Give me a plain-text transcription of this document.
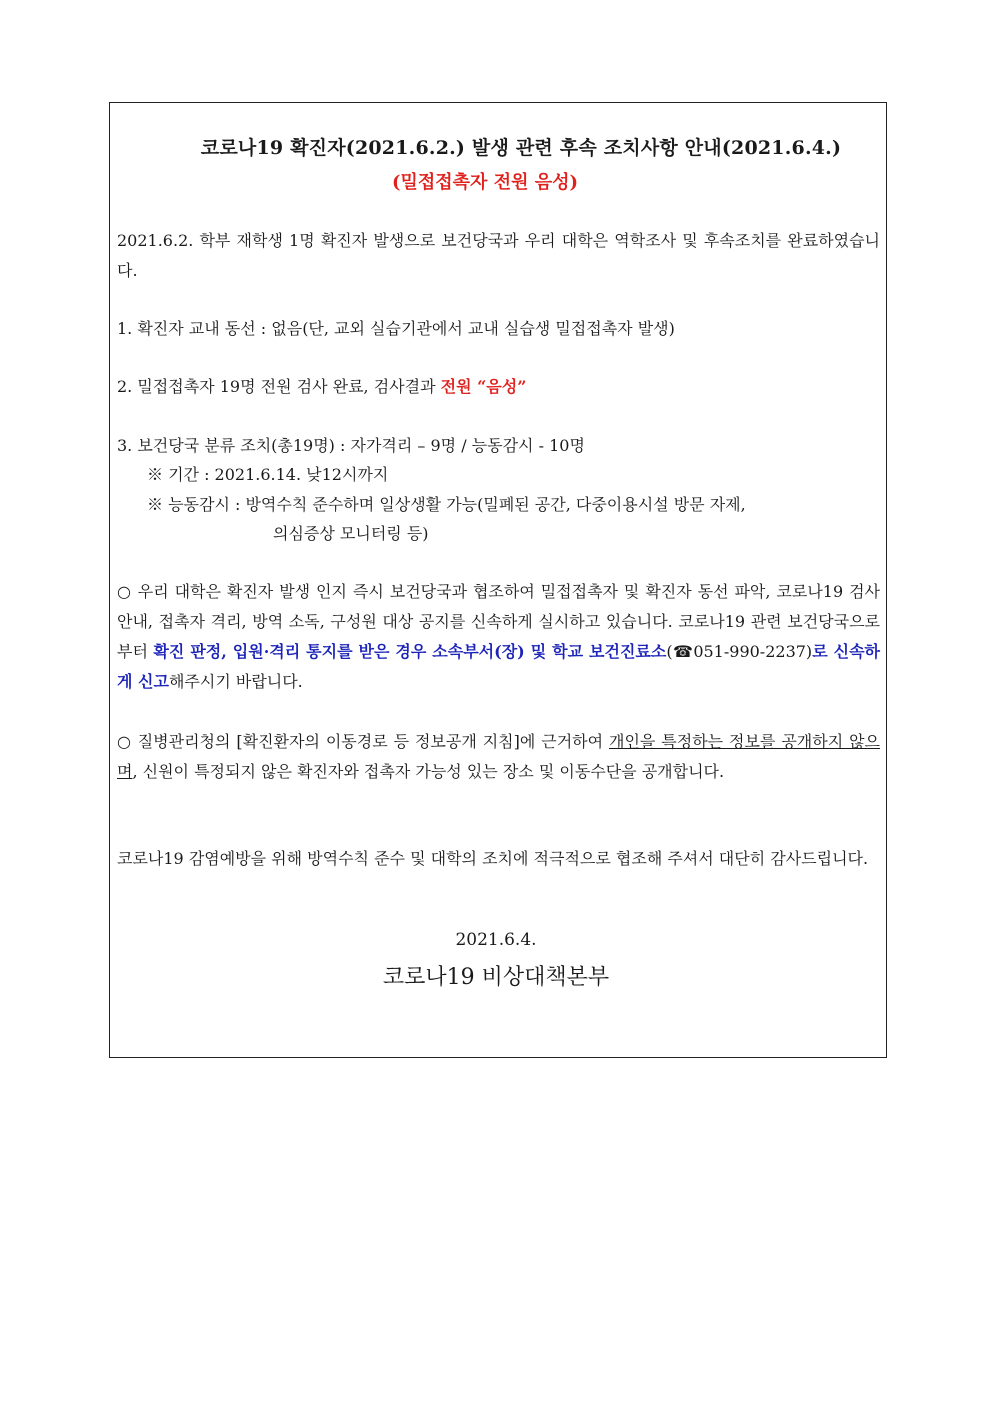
코로나19 확진자(2021.6.2.) 발생 관련 후속 조치사항 안내(2021.6.4.)
(밀접접촉자 전원 음성)
2021.6.2. 학부 재학생 1명 확진자 발생으로 보건당국과 우리 대학은 역학조사 및 후속조치를 완료하였습니다.
1. 확진자 교내 동선 : 없음(단, 교외 실습기관에서 교내 실습생 밀접접촉자 발생)
2. 밀접접촉자 19명 전원 검사 완료, 검사결과 전원 “음성”
3. 보건당국 분류 조치(총19명) : 자가격리 – 9명 / 능동감시 - 10명
※ 기간 : 2021.6.14. 낮12시까지
※ 능동감시 : 방역수칙 준수하며 일상생활 가능(밀폐된 공간, 다중이용시설 방문 자제,
의심증상 모니터링 등)
○ 우리 대학은 확진자 발생 인지 즉시 보건당국과 협조하여 밀접접촉자 및 확진자 동선 파악, 코로나19 검사 안내, 접촉자 격리, 방역 소독, 구성원 대상 공지를 신속하게 실시하고 있습니다. 코로나19 관련 보건당국으로부터 확진 판정, 입원·격리 통지를 받은 경우 소속부서(장) 및 학교 보건진료소(☎051-990-2237)로 신속하게 신고해주시기 바랍니다.
○ 질병관리청의 [확진환자의 이동경로 등 정보공개 지침]에 근거하여 개인을 특정하는 정보를 공개하지 않으며, 신원이 특정되지 않은 확진자와 접촉자 가능성 있는 장소 및 이동수단을 공개합니다.
코로나19 감염예방을 위해 방역수칙 준수 및 대학의 조치에 적극적으로 협조해 주셔서 대단히 감사드립니다.
2021.6.4.
코로나19 비상대책본부
